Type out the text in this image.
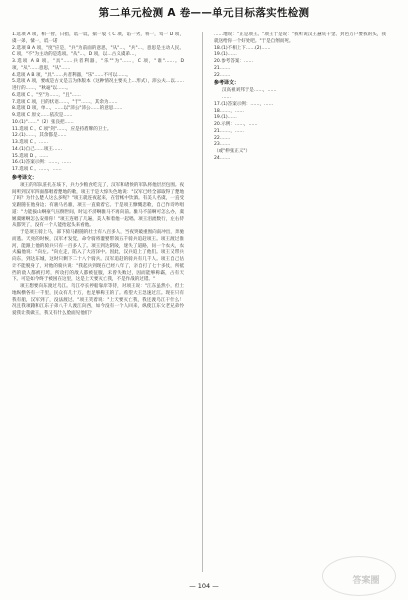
第二单元检测 A 卷——单元目标落实性检测

1.选项 A 项，相一智，日指，诋一诋，揣一裒《 C 项，谄一劣，将一，驾一 D 项，虞一弟，愫一，诋一诺

2.选项 B A 项，"度"应是，"兵"为前面的意思，"从"…，"兵"…，意思是主动人民。 C 项，"不"为主动的是选项。"从"…，D 项，以…古义虞弟…，

3.选项 A B 项，"具"……兵者利器，"乐""为"……，C 项，"谁"……。D 项，"从"……意思，"从"……

4.选项 A B 项，"具"……兵者利器，"乐"……不可以……。

5.选项 A 项，要或是古文是言为体版本（这种情况主要关上…形式），沛公夫…以……进行的……，"秋毫"以……。

6.选项 C 。"至"为……，"且"……

7.选项 C 项，目的状语……，"于"……，其余为……

8.选项 D 项，单…，……以"沛公"沛公……的意思……

9.选项 C 原文……依次是……

10.(1)"……"（2）张良把……

11.选项 C 。C 项"剑"……，应是持盾牌的卫士。

12.(1)……，其余都是……

13.选项 C 。……

14.(1)自己……项王……

15.选项 D 。……

16.(1)答案示例：……，……

17.选项 C 。……，……

参考译文：

项王的军队驻扎在垓下，兵力少粮食吃完了，汉军和诸侯的军队将他层层包围。夜间听到汉军四面都唱着楚地的歌，项王于是大惊失色地说："汉军已经全部取得了楚地了吗？为什么楚人这么多呢？"项王就连夜起来，在营帐中饮酒。有美人名虞，一直受宠跟随在他身边；有骏马名骓，项王一直骑着它。于是项王慷慨悲歌，自己作诗吟唱道："力能拔山啊豪气压倒世间，时运不济啊骓马不再向前。骓马不前啊可怎么办，虞姬虞姬啊怎么安排你！"项王连唱了几遍，美人和着他一起唱。项王泪流数行，左右侍从都哭了，没有一个人能抬起头来看他。

于是项王骑上马，部下骑马跟随的壮士有八百多人，当夜突破重围向南冲出，奔驰而逃。天亮的时候，汉军才发觉，命令骑将灌婴带领五千骑兵追赶项王。项王渡过淮河，能跟上他的骑兵只有一百多人了。项王到达阴陵，迷失了道路，问一个农夫，农夫骗他说："向左。"向左走，陷入了大沼泽中。因此，汉兵追上了他们。项王又带兵向东，到达东城，这时只剩下二十八个骑兵。汉军追赶的骑兵有几千人。项王自己估计不能脱身了，对他的骑兵说："我起兵到现在已经八年了，亲自打了七十多仗，所抵挡的敌人都被打垮，所攻打的敌人都被征服，未曾失败过，因而能够称霸，占有天下。可是如今终于被困在这里，这是上天要灭亡我，不是作战的过错。"

项王想要向东渡过乌江。乌江亭长停船靠岸等待，对项王说："江东虽然小，但土地纵横各有一千里，民众有几十万，也足够称王的了。希望大王急速过江。现在只有我有船，汉军到了，没法渡过。"项王笑着说："上天要灭亡我，我还渡乌江干什么！况且我项籍和江东子弟八千人渡江向西，如今没有一个人回来，纵使江东父老兄弟怜爱我让我做王，我又有什么脸面见他们？

……地说："正是项王。"项王于是说："我听说汉王悬赏千金、封邑万户要我的头，我就送给你一个好处吧。"于是自刎而死。

18.(1)不相上下……(2)……

19.(1)……

20.参考答案：……

21.……

22.……

参考译文：

汉高祖刘邦于是……，……

……

17.(1)答案示例：……，……

18.……，……

19.(1)……

20.示例：……，……

21.……，……

22.……

23.……

（或"伸张正义"）

24.……

— 104 —	答案圈
